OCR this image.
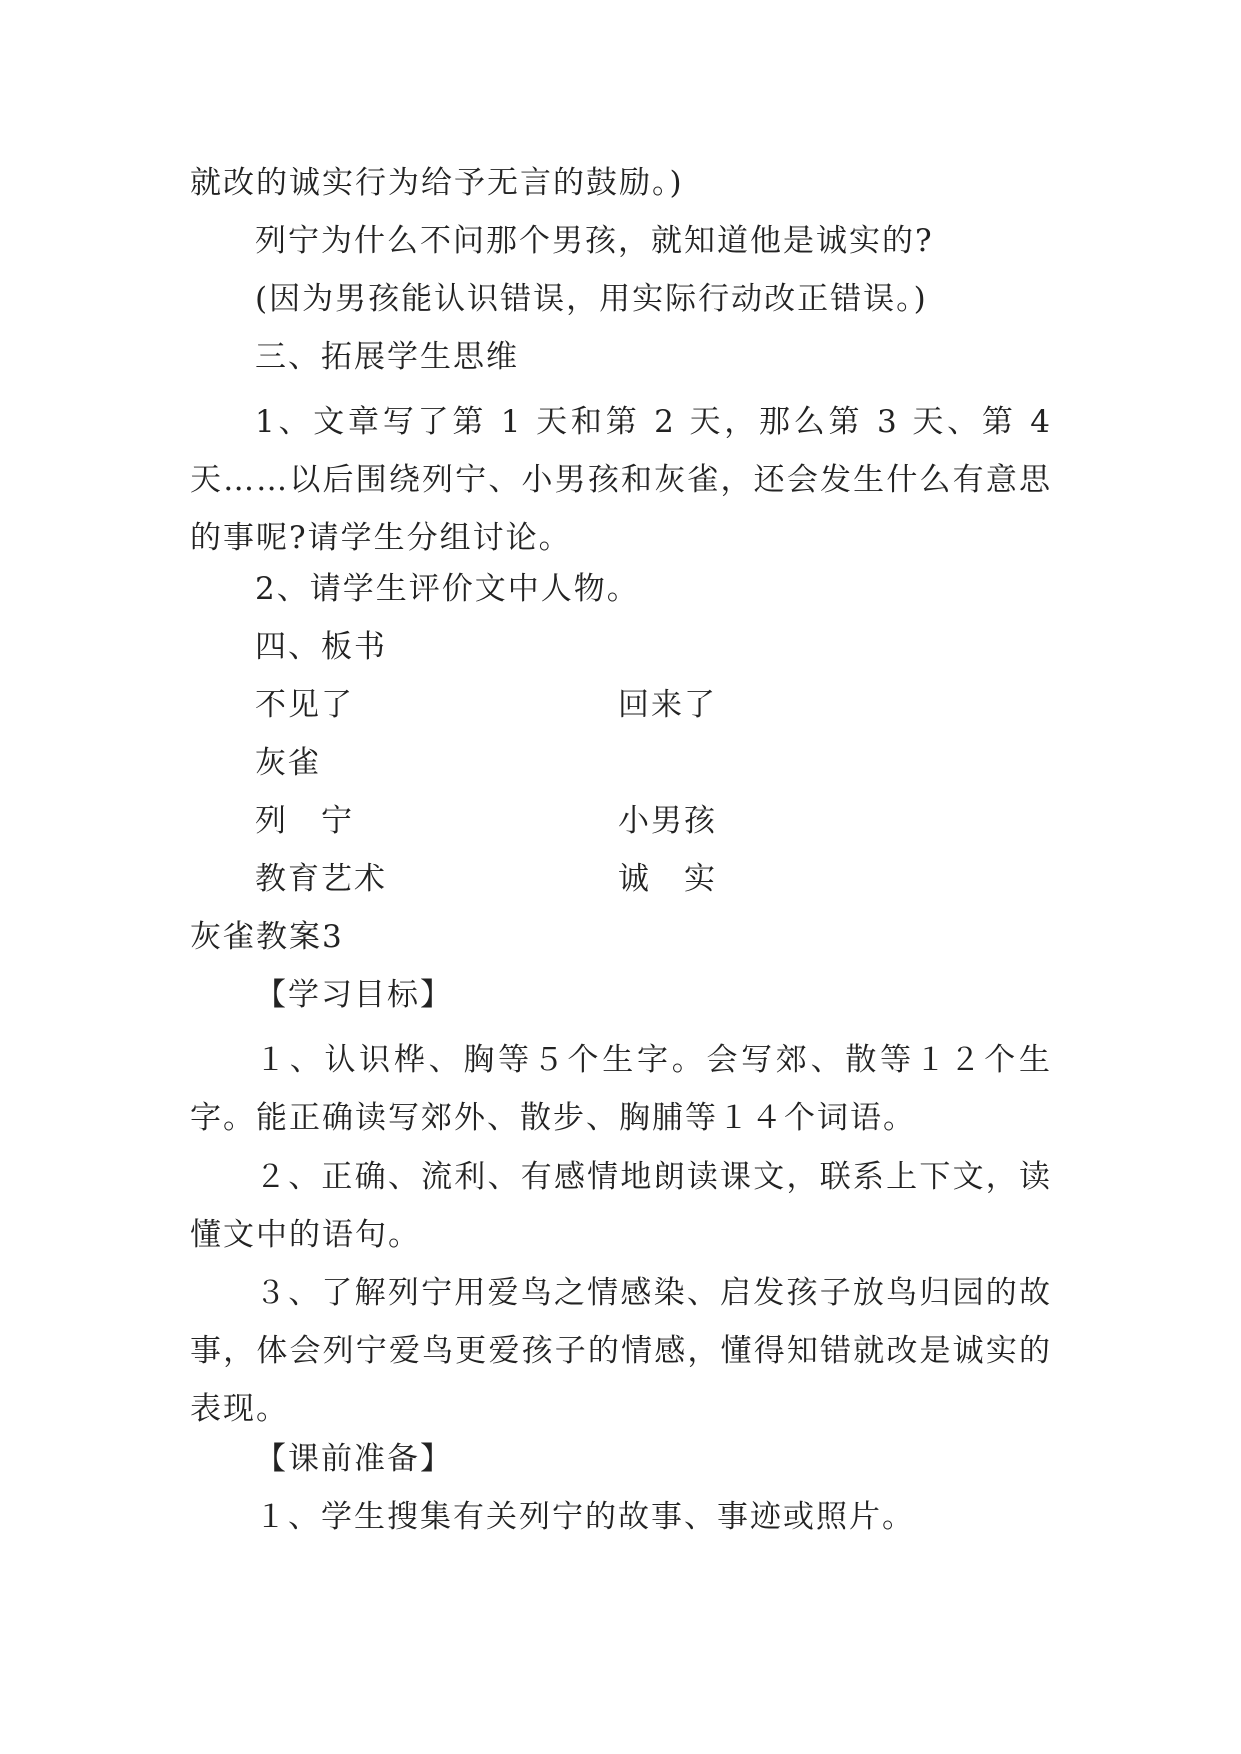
就改的诚实行为给予无言的鼓励。)
列宁为什么不问那个男孩，就知道他是诚实的?
(因为男孩能认识错误，用实际行动改正错误。)
三、拓展学生思维
1、文章写了第 1 天和第 2 天，那么第 3 天、第 4 天……以后围绕列宁、小男孩和灰雀，还会发生什么有意思的事呢?请学生分组讨论。
2、请学生评价文中人物。
四、板书
不见了	回来了
灰雀
列　宁	小男孩
教育艺术	诚　实
灰雀教案3
【学习目标】
１、认识桦、胸等５个生字。会写郊、散等１２个生字。能正确读写郊外、散步、胸脯等１４个词语。
２、正确、流利、有感情地朗读课文，联系上下文，读懂文中的语句。
３、了解列宁用爱鸟之情感染、启发孩子放鸟归园的故事，体会列宁爱鸟更爱孩子的情感，懂得知错就改是诚实的表现。
【课前准备】
１、学生搜集有关列宁的故事、事迹或照片。
